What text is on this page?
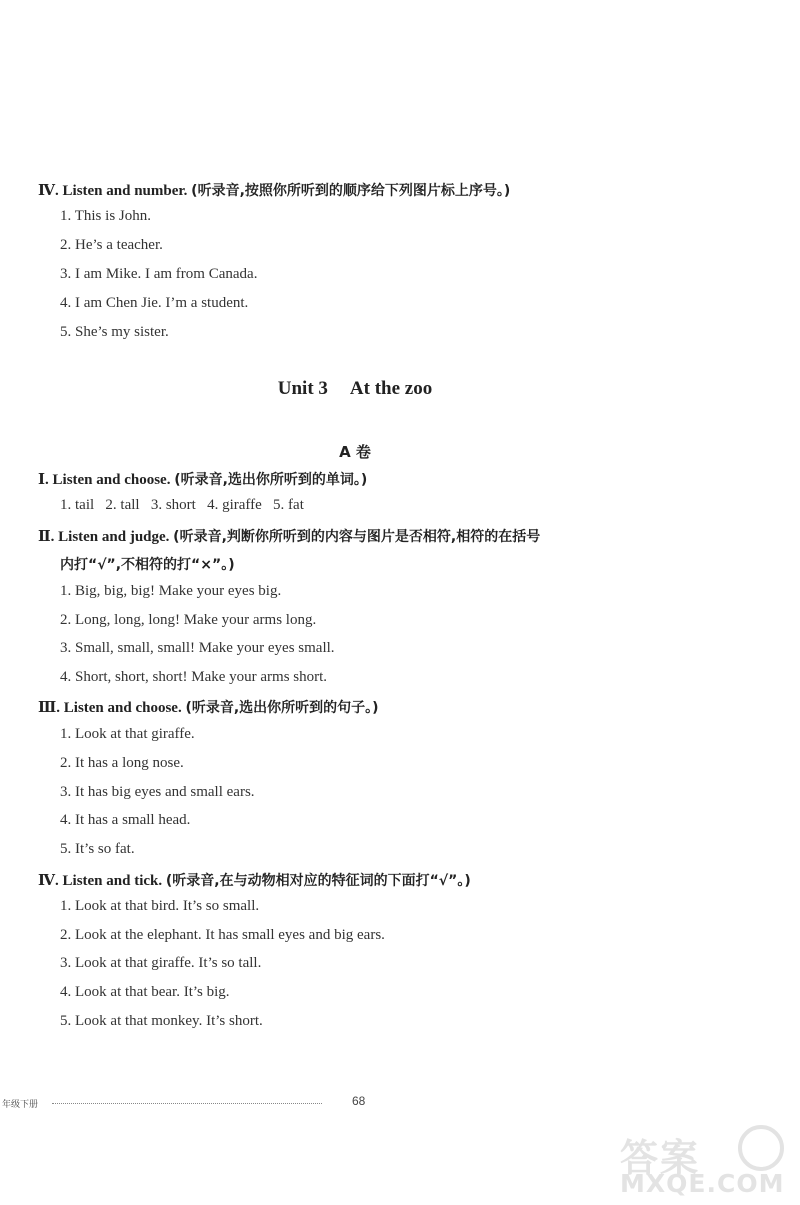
Ⅳ. Listen and number. (听录音,按照你所听到的顺序给下列图片标上序号。)
1. This is John.
2. He’s a teacher.
3. I am Mike. I am from Canada.
4. I am Chen Jie. I’m a student.
5. She’s my sister.
Unit 3 At the zoo
A 卷
Ⅰ. Listen and choose. (听录音,选出你所听到的单词。)
1. tail 2. tall 3. short 4. giraffe 5. fat
Ⅱ. Listen and judge. (听录音,判断你所听到的内容与图片是否相符,相符的在括号
内打“√”,不相符的打“×”。)
1. Big, big, big! Make your eyes big.
2. Long, long, long! Make your arms long.
3. Small, small, small! Make your eyes small.
4. Short, short, short! Make your arms short.
Ⅲ. Listen and choose. (听录音,选出你所听到的句子。)
1. Look at that giraffe.
2. It has a long nose.
3. It has big eyes and small ears.
4. It has a small head.
5. It’s so fat.
Ⅳ. Listen and tick. (听录音,在与动物相对应的特征词的下面打“√”。)
1. Look at that bird. It’s so small.
2. Look at the elephant. It has small eyes and big ears.
3. Look at that giraffe. It’s so tall.
4. Look at that bear. It’s big.
5. Look at that monkey. It’s short.
年级下册	68
答案
MXQE.COM
